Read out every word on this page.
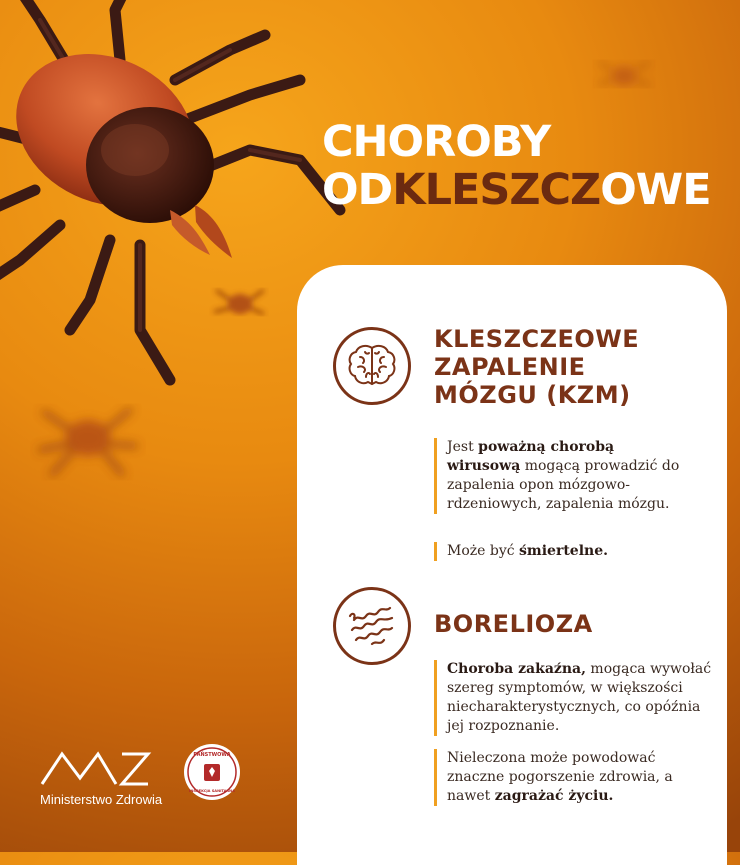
CHOROBY
ODKLESZCZOWE
KLESZCZEOWE
ZAPALENIE
MÓZGU (KZM)
Jest poważną chorobą wirusową mogącą prowadzić do zapalenia opon mózgowo-rdzeniowych, zapalenia mózgu.
Może być śmiertelne.
BORELIOZA
Choroba zakaźna, mogąca wywołać szereg symptomów, w większości niecharakterystycznych, co opóźnia jej rozpoznanie.
Nieleczona może powodować znaczne pogorszenie zdrowia, a nawet zagrażać życiu.
Ministerstwo Zdrowia
PAŃSTWOWA
INSPEKCJA SANITARNA
